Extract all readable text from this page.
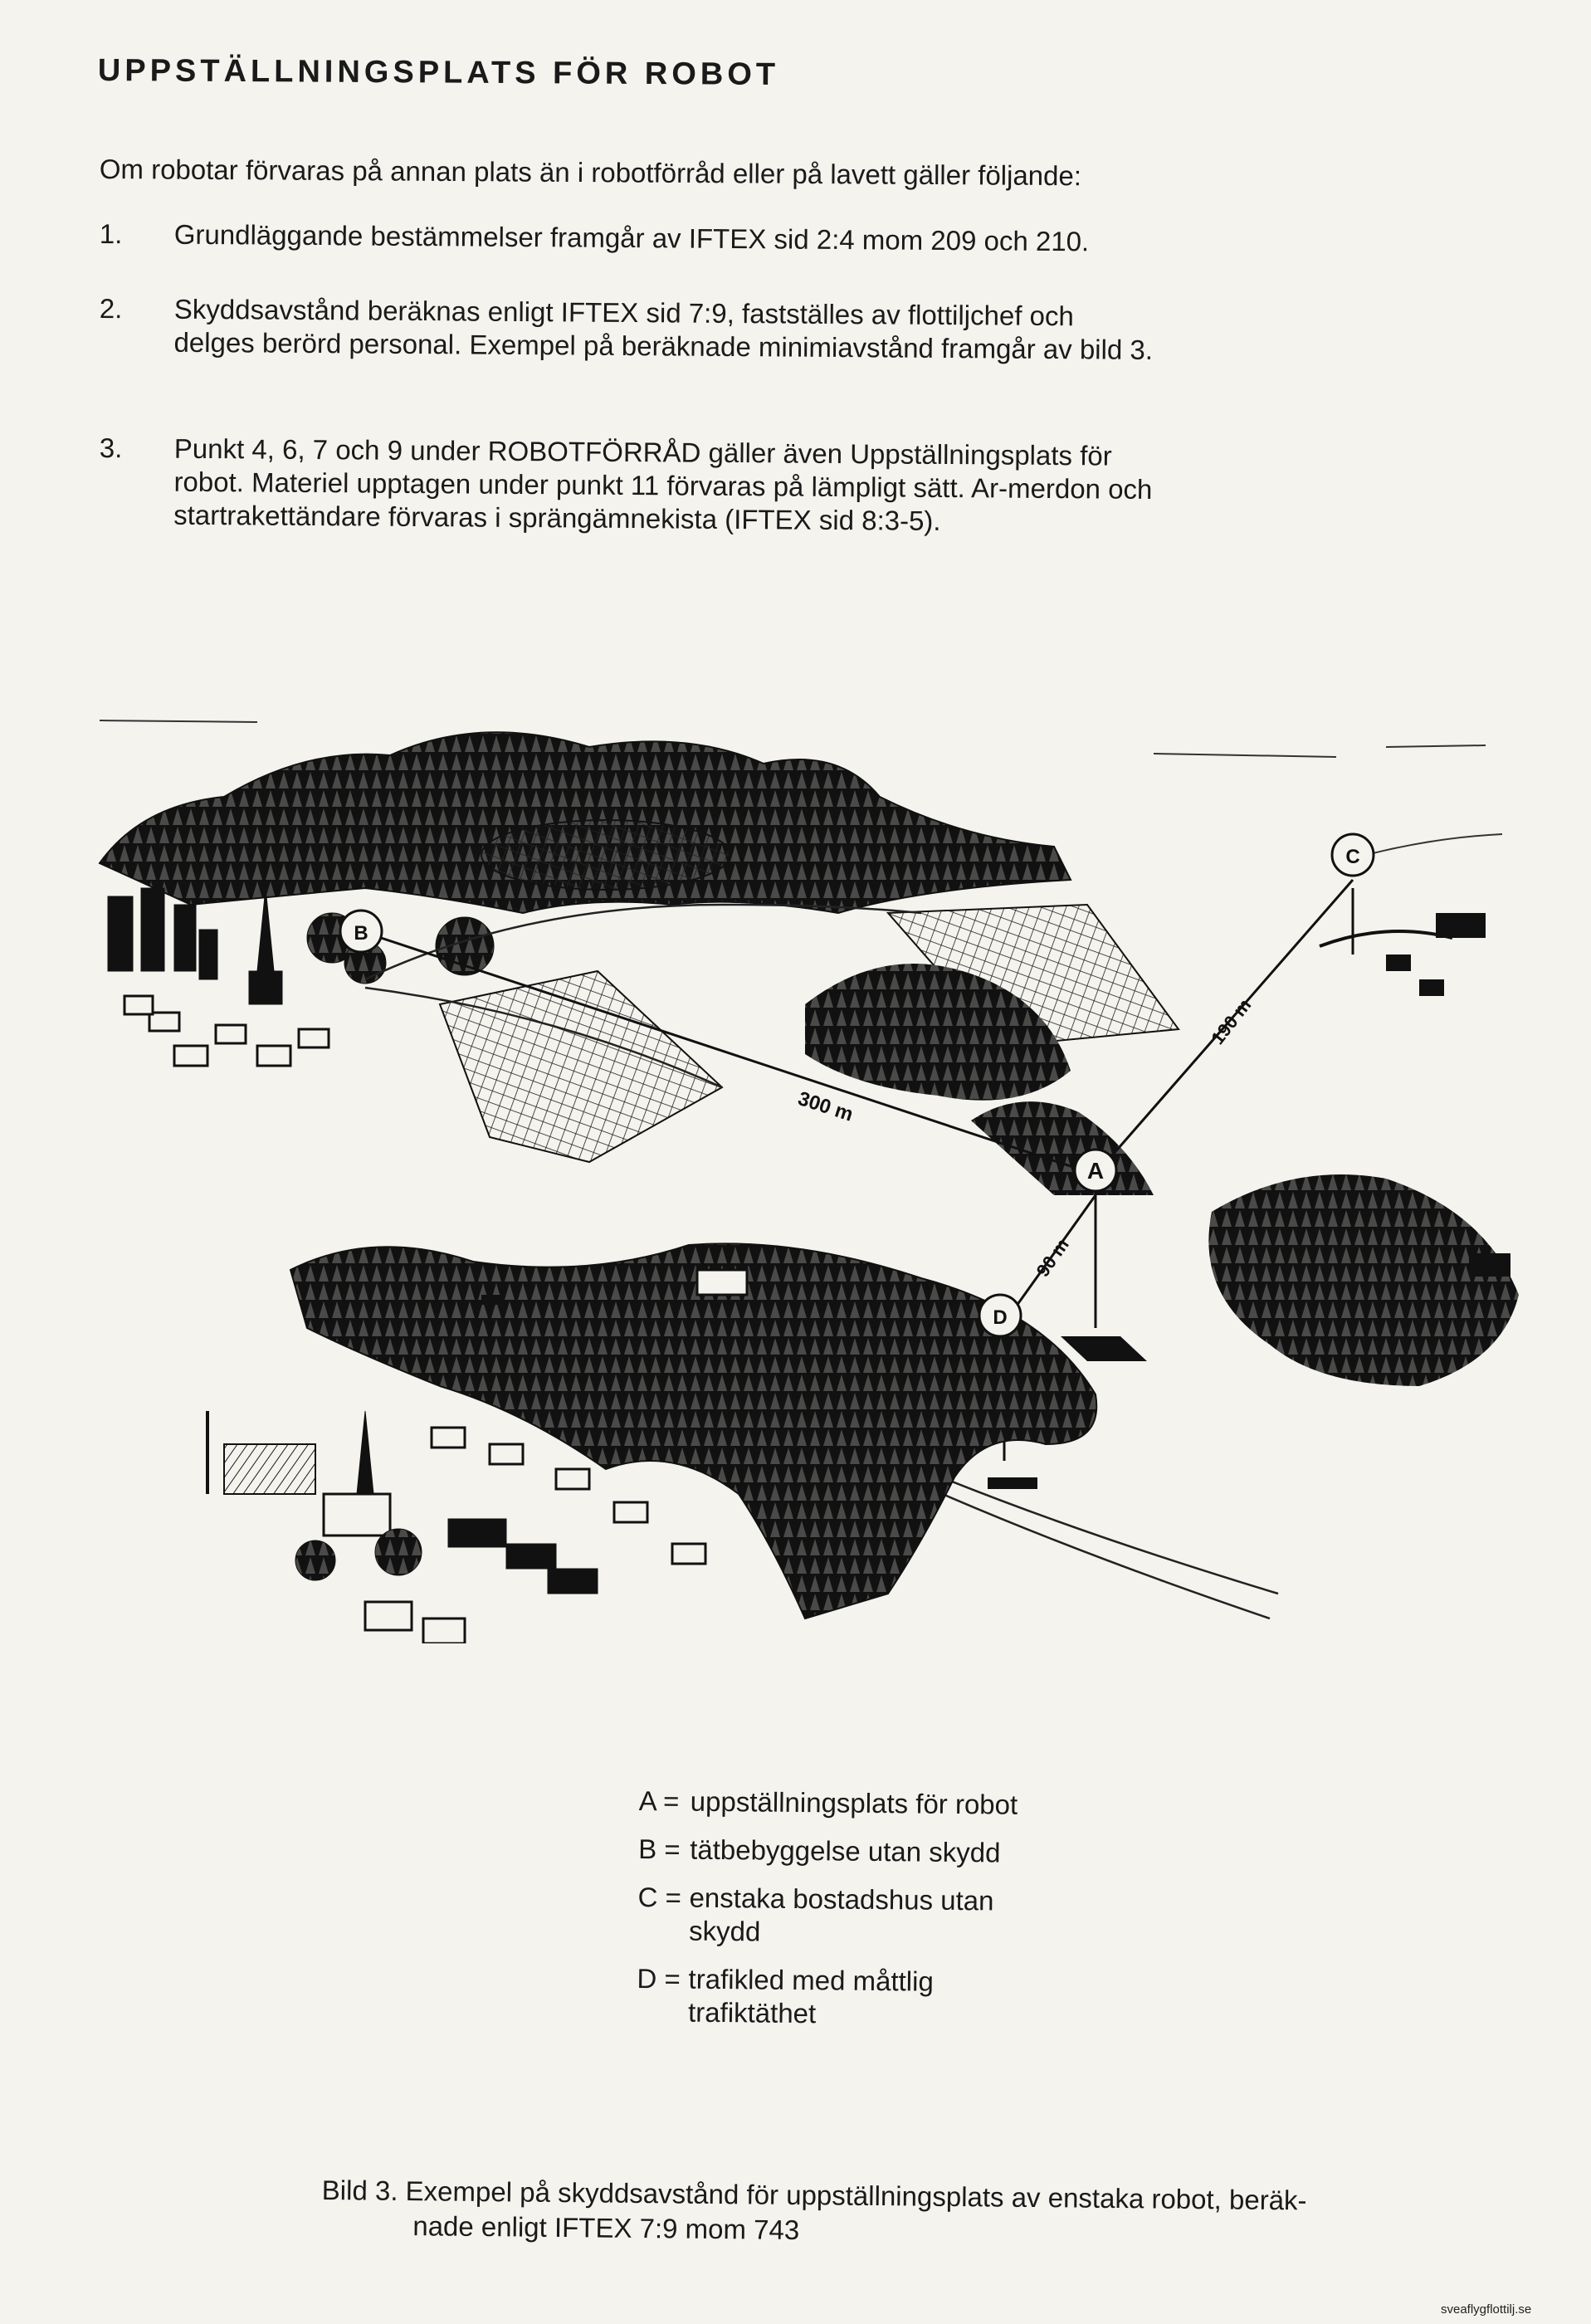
UPPSTÄLLNINGSPLATS FÖR ROBOT
Om robotar förvaras på annan plats än i robotförråd eller på lavett gäller följande:
1.	Grundläggande bestämmelser framgår av IFTEX sid 2:4 mom 209 och 210.
2.	Skyddsavstånd beräknas enligt IFTEX sid 7:9, fastställes av flottiljchef och delges berörd personal. Exempel på beräknade minimiavstånd framgår av bild 3.
3.	Punkt 4, 6, 7 och 9 under ROBOTFÖRRÅD gäller även Uppställningsplats för robot. Materiel upptagen under punkt 11 förvaras på lämpligt sätt. Ar-merdon och startrakettändare förvaras i sprängämnekista (IFTEX sid 8:3-5).
A
B
C
D
300 m
190 m
90 m
A = uppställningsplats för robot
B = tätbebyggelse utan skydd
C = enstaka bostadshus utan skydd
D = trafikled med måttlig trafiktäthet
Bild 3. Exempel på skyddsavstånd för uppställningsplats av enstaka robot, beräk-
nade enligt IFTEX 7:9 mom 743
sveaflygflottilj.se
